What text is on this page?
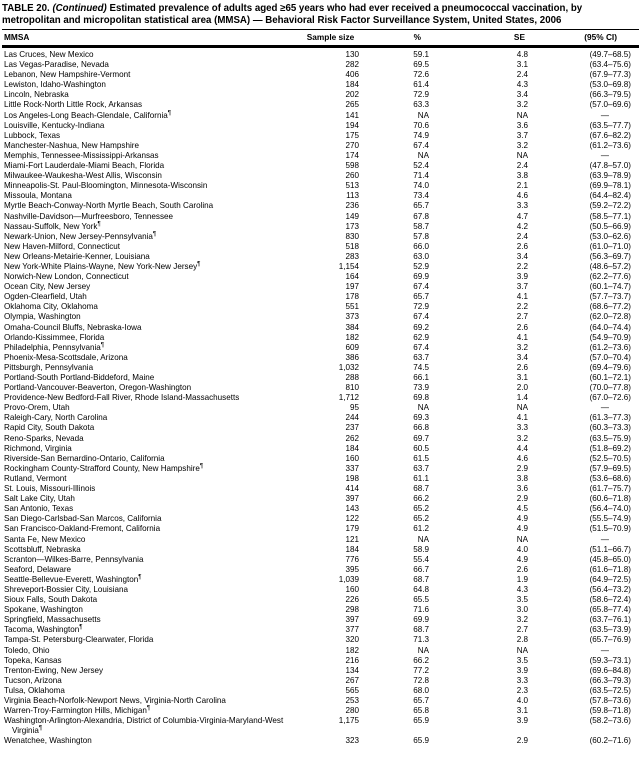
TABLE 20. (Continued) Estimated prevalence of adults aged ≥65 years who had ever received a pneumococcal vaccination, by metropolitan and micropolitan statistical area (MMSA) — Behavioral Risk Factor Surveillance System, United States, 2006
MMSA	Sample size	%	SE	(95% CI)
Las Cruces, New Mexico	130	59.1	4.8	(49.7–68.5)
Las Vegas-Paradise, Nevada	282	69.5	3.1	(63.4–75.6)
Lebanon, New Hampshire-Vermont	406	72.6	2.4	(67.9–77.3)
Lewiston, Idaho-Washington	184	61.4	4.3	(53.0–69.8)
Lincoln, Nebraska	202	72.9	3.4	(66.3–79.5)
Little Rock-North Little Rock, Arkansas	265	63.3	3.2	(57.0–69.6)
Los Angeles-Long Beach-Glendale, California¶	141	NA	NA	—
Louisville, Kentucky-Indiana	194	70.6	3.6	(63.5–77.7)
Lubbock, Texas	175	74.9	3.7	(67.6–82.2)
Manchester-Nashua, New Hampshire	270	67.4	3.2	(61.2–73.6)
Memphis, Tennessee-Mississippi-Arkansas	174	NA	NA	—
Miami-Fort Lauderdale-Miami Beach, Florida	598	52.4	2.4	(47.8–57.0)
Milwaukee-Waukesha-West Allis, Wisconsin	260	71.4	3.8	(63.9–78.9)
Minneapolis-St. Paul-Bloomington, Minnesota-Wisconsin	513	74.0	2.1	(69.9–78.1)
Missoula, Montana	113	73.4	4.6	(64.4–82.4)
Myrtle Beach-Conway-North Myrtle Beach, South Carolina	236	65.7	3.3	(59.2–72.2)
Nashville-Davidson—Murfreesboro, Tennessee	149	67.8	4.7	(58.5–77.1)
Nassau-Suffolk, New York¶	173	58.7	4.2	(50.5–66.9)
Newark-Union, New Jersey-Pennsylvania¶	830	57.8	2.4	(53.0–62.6)
New Haven-Milford, Connecticut	518	66.0	2.6	(61.0–71.0)
New Orleans-Metairie-Kenner, Louisiana	283	63.0	3.4	(56.3–69.7)
New York-White Plains-Wayne, New York-New Jersey¶	1,154	52.9	2.2	(48.6–57.2)
Norwich-New London, Connecticut	164	69.9	3.9	(62.2–77.6)
Ocean City, New Jersey	197	67.4	3.7	(60.1–74.7)
Ogden-Clearfield, Utah	178	65.7	4.1	(57.7–73.7)
Oklahoma City, Oklahoma	551	72.9	2.2	(68.6–77.2)
Olympia, Washington	373	67.4	2.7	(62.0–72.8)
Omaha-Council Bluffs, Nebraska-Iowa	384	69.2	2.6	(64.0–74.4)
Orlando-Kissimmee, Florida	182	62.9	4.1	(54.9–70.9)
Philadelphia, Pennsylvania¶	609	67.4	3.2	(61.2–73.6)
Phoenix-Mesa-Scottsdale, Arizona	386	63.7	3.4	(57.0–70.4)
Pittsburgh, Pennsylvania	1,032	74.5	2.6	(69.4–79.6)
Portland-South Portland-Biddeford, Maine	288	66.1	3.1	(60.1–72.1)
Portland-Vancouver-Beaverton, Oregon-Washington	810	73.9	2.0	(70.0–77.8)
Providence-New Bedford-Fall River, Rhode Island-Massachusetts	1,712	69.8	1.4	(67.0–72.6)
Provo-Orem, Utah	95	NA	NA	—
Raleigh-Cary, North Carolina	244	69.3	4.1	(61.3–77.3)
Rapid City, South Dakota	237	66.8	3.3	(60.3–73.3)
Reno-Sparks, Nevada	262	69.7	3.2	(63.5–75.9)
Richmond, Virginia	184	60.5	4.4	(51.8–69.2)
Riverside-San Bernardino-Ontario, California	160	61.5	4.6	(52.5–70.5)
Rockingham County-Strafford County, New Hampshire¶	337	63.7	2.9	(57.9–69.5)
Rutland, Vermont	198	61.1	3.8	(53.6–68.6)
St. Louis, Missouri-Illinois	414	68.7	3.6	(61.7–75.7)
Salt Lake City, Utah	397	66.2	2.9	(60.6–71.8)
San Antonio, Texas	143	65.2	4.5	(56.4–74.0)
San Diego-Carlsbad-San Marcos, California	122	65.2	4.9	(55.5–74.9)
San Francisco-Oakland-Fremont, California	179	61.2	4.9	(51.5–70.9)
Santa Fe, New Mexico	121	NA	NA	—
Scottsbluff, Nebraska	184	58.9	4.0	(51.1–66.7)
Scranton—Wilkes-Barre, Pennsylvania	776	55.4	4.9	(45.8–65.0)
Seaford, Delaware	395	66.7	2.6	(61.6–71.8)
Seattle-Bellevue-Everett, Washington¶	1,039	68.7	1.9	(64.9–72.5)
Shreveport-Bossier City, Louisiana	160	64.8	4.3	(56.4–73.2)
Sioux Falls, South Dakota	226	65.5	3.5	(58.6–72.4)
Spokane, Washington	298	71.6	3.0	(65.8–77.4)
Springfield, Massachusetts	397	69.9	3.2	(63.7–76.1)
Tacoma, Washington¶	377	68.7	2.7	(63.5–73.9)
Tampa-St. Petersburg-Clearwater, Florida	320	71.3	2.8	(65.7–76.9)
Toledo, Ohio	182	NA	NA	—
Topeka, Kansas	216	66.2	3.5	(59.3–73.1)
Trenton-Ewing, New Jersey	134	77.2	3.9	(69.6–84.8)
Tucson, Arizona	267	72.8	3.3	(66.3–79.3)
Tulsa, Oklahoma	565	68.0	2.3	(63.5–72.5)
Virginia Beach-Norfolk-Newport News, Virginia-North Carolina	253	65.7	4.0	(57.8–73.6)
Warren-Troy-Farmington Hills, Michigan¶	280	65.8	3.1	(59.8–71.8)
Washington-Arlington-Alexandria, District of Columbia-Virginia-Maryland-West Virginia¶	1,175	65.9	3.9	(58.2–73.6)
Wenatchee, Washington	323	65.9	2.9	(60.2–71.6)
